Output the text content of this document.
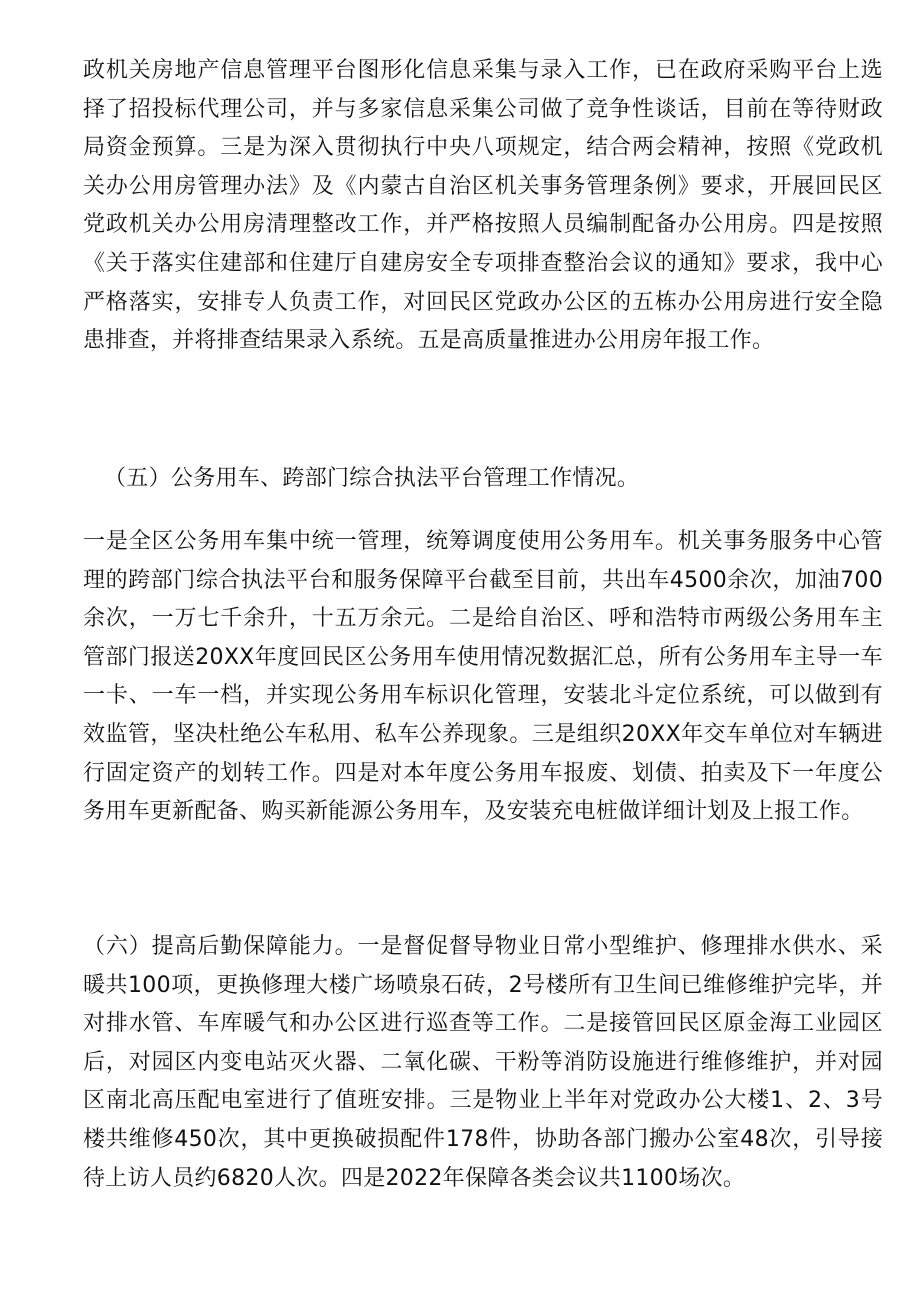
政机关房地产信息管理平台图形化信息采集与录入工作，已在政府采购平台上选择了招投标代理公司，并与多家信息采集公司做了竞争性谈话，目前在等待财政局资金预算。三是为深入贯彻执行中央八项规定，结合两会精神，按照《党政机关办公用房管理办法》及《内蒙古自治区机关事务管理条例》要求，开展回民区党政机关办公用房清理整改工作，并严格按照人员编制配备办公用房。四是按照《关于落实住建部和住建厅自建房安全专项排查整治会议的通知》要求，我中心严格落实，安排专人负责工作，对回民区党政办公区的五栋办公用房进行安全隐患排查，并将排查结果录入系统。五是高质量推进办公用房年报工作。

（五）公务用车、跨部门综合执法平台管理工作情况。

一是全区公务用车集中统一管理，统筹调度使用公务用车。机关事务服务中心管理的跨部门综合执法平台和服务保障平台截至目前，共出车4500余次，加油700余次，一万七千余升，十五万余元。二是给自治区、呼和浩特市两级公务用车主管部门报送20XX年度回民区公务用车使用情况数据汇总，所有公务用车主导一车一卡、一车一档，并实现公务用车标识化管理，安装北斗定位系统，可以做到有效监管，坚决杜绝公车私用、私车公养现象。三是组织20XX年交车单位对车辆进行固定资产的划转工作。四是对本年度公务用车报废、划债、拍卖及下一年度公务用车更新配备、购买新能源公务用车，及安装充电桩做详细计划及上报工作。

（六）提高后勤保障能力。一是督促督导物业日常小型维护、修理排水供水、采暖共100项，更换修理大楼广场喷泉石砖，2号楼所有卫生间已维修维护完毕，并对排水管、车库暖气和办公区进行巡查等工作。二是接管回民区原金海工业园区后，对园区内变电站灭火器、二氧化碳、干粉等消防设施进行维修维护，并对园区南北高压配电室进行了值班安排。三是物业上半年对党政办公大楼1、2、3号楼共维修450次，其中更换破损配件178件，协助各部门搬办公室48次，引导接待上访人员约6820人次。四是2022年保障各类会议共1100场次。
